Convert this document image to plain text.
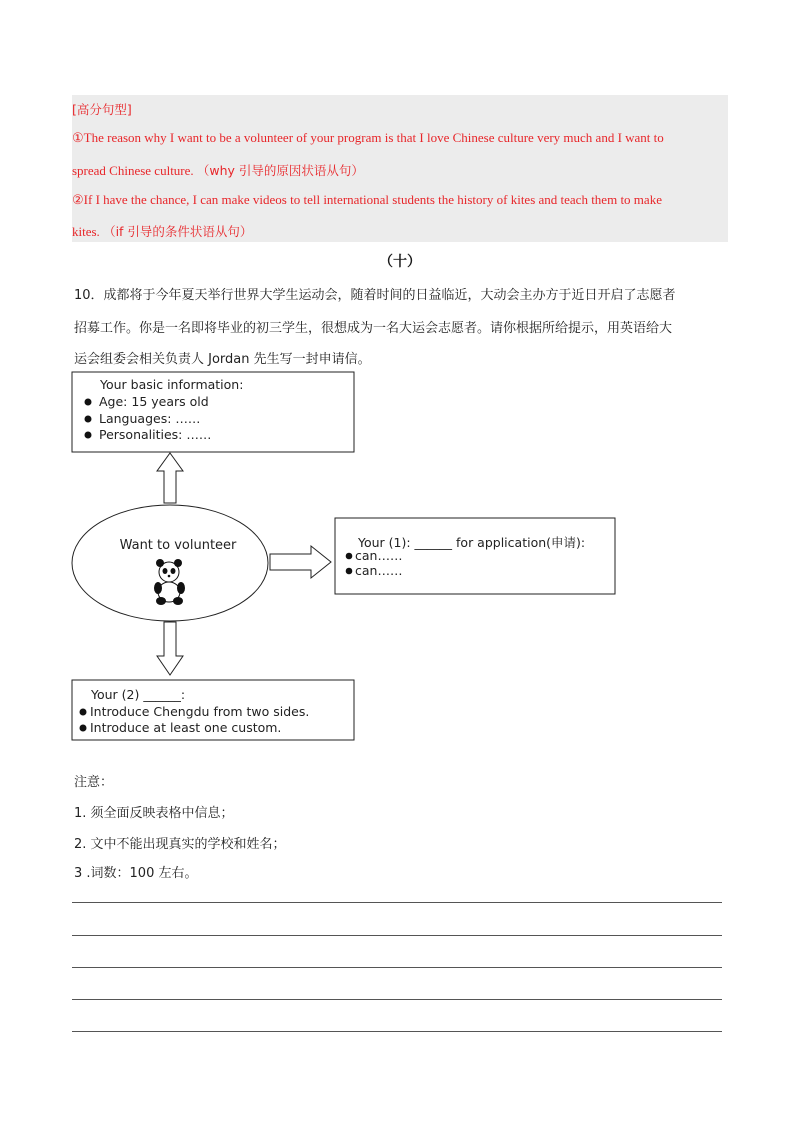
[高分句型]
①The reason why I want to be a volunteer of your program is that I love Chinese culture very much and I want to
spread Chinese culture. （why 引导的原因状语从句）
②If I have the chance, I can make videos to tell international students the history of kites and teach them to make
kites. （if 引导的条件状语从句）
（十）
10．成都将于今年夏天举行世界大学生运动会，随着时间的日益临近，大动会主办方于近日开启了志愿者
招募工作。你是一名即将毕业的初三学生，很想成为一名大运会志愿者。请你根据所给提示，用英语给大
运会组委会相关负责人 Jordan 先生写一封申请信。
Your basic information:
Age: 15 years old
Languages: ……
Personalities: ……
Want to volunteer	Your (1): ______ for application(申请):
can……
can……
Your (2) ______:
Introduce Chengdu from two sides.
Introduce at least one custom.
注意：
1. 须全面反映表格中信息；
2. 文中不能出现真实的学校和姓名；
3 .词数：100 左右。
